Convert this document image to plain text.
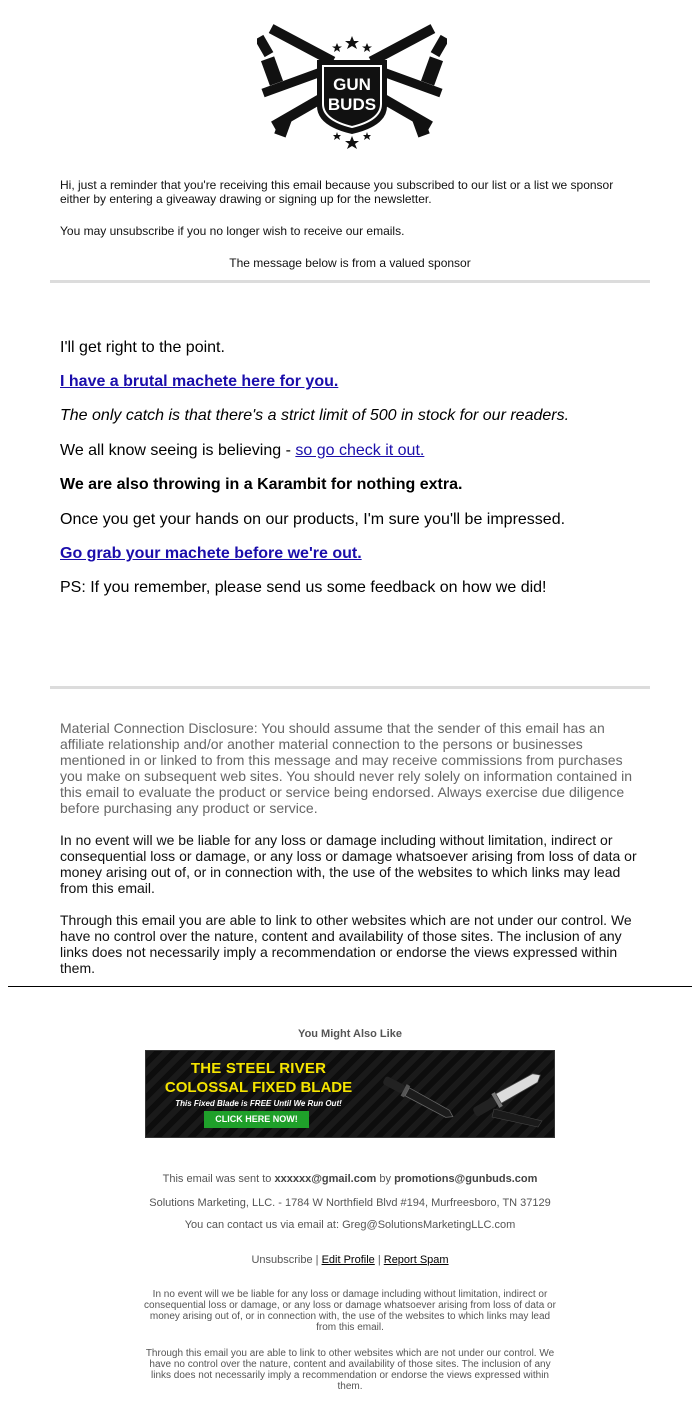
GUN
BUDS
Hi, just a reminder that you're receiving this email because you subscribed to our list or a list we sponsor either by entering a giveaway drawing or signing up for the newsletter.
You may unsubscribe if you no longer wish to receive our emails.
The message below is from a valued sponsor

I'll get right to the point.

I have a brutal machete here for you.

The only catch is that there's a strict limit of 500 in stock for our readers.

We all know seeing is believing - so go check it out.

We are also throwing in a Karambit for nothing extra.

Once you get your hands on our products, I'm sure you'll be impressed.

Go grab your machete before we're out.

PS: If you remember, please send us some feedback on how we did!

Material Connection Disclosure: You should assume that the sender of this email has an affiliate relationship and/or another material connection to the persons or businesses mentioned in or linked to from this message and may receive commissions from purchases you make on subsequent web sites. You should never rely solely on information contained in this email to evaluate the product or service being endorsed. Always exercise due diligence before purchasing any product or service.

In no event will we be liable for any loss or damage including without limitation, indirect or consequential loss or damage, or any loss or damage whatsoever arising from loss of data or money arising out of, or in connection with, the use of the websites to which links may lead from this email.

Through this email you are able to link to other websites which are not under our control. We have no control over the nature, content and availability of those sites. The inclusion of any links does not necessarily imply a recommendation or endorse the views expressed within them.

You Might Also Like
THE STEEL RIVER
COLOSSAL FIXED BLADE
This Fixed Blade is FREE Until We Run Out!
CLICK HERE NOW!
This email was sent to xxxxxx@gmail.com by promotions@gunbuds.com
Solutions Marketing, LLC. - 1784 W Northfield Blvd #194, Murfreesboro, TN 37129
You can contact us via email at: Greg@SolutionsMarketingLLC.com
Unsubscribe | Edit Profile | Report Spam

In no event will we be liable for any loss or damage including without limitation, indirect or consequential loss or damage, or any loss or damage whatsoever arising from loss of data or money arising out of, or in connection with, the use of the websites to which links may lead from this email.

Through this email you are able to link to other websites which are not under our control. We have no control over the nature, content and availability of those sites. The inclusion of any links does not necessarily imply a recommendation or endorse the views expressed within them.
